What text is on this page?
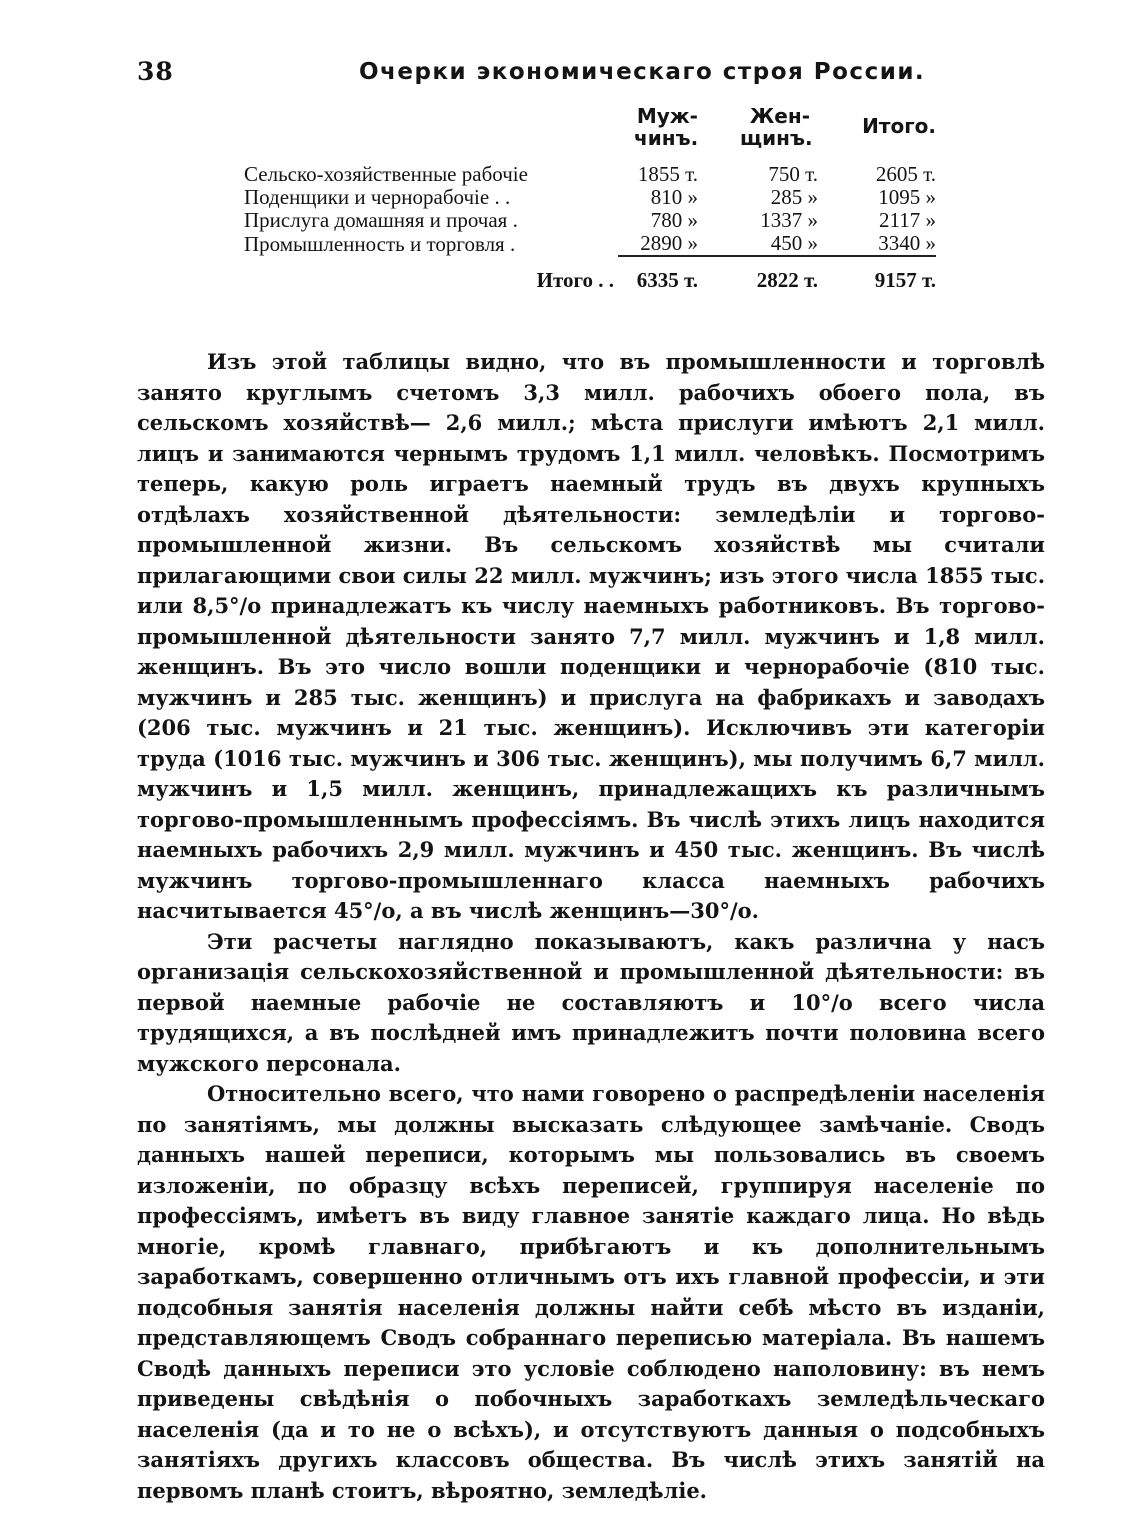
38	Очерки экономическаго строя России.

	Муж- чинъ.	Жен- щинъ.	Итого.

Сельско-хозяйственные рабочіе	1855 т.	750 т.	2605 т.
Поденщики и чернорабочіе . .	810 »	285 »	1095 »
Прислуга домашняя и прочая .	780 »	1337 »	2117 »
Промышленность и торговля .	2890 »	450 »	3340 »

Итого . .	6335 т.	2822 т.	9157 т.

Изъ этой таблицы видно, что въ промышленности и торговлѣ занято круглымъ счетомъ 3,3 милл. рабочихъ обоего пола, въ сельскомъ хозяйствѣ— 2,6 милл.; мѣста прислуги имѣютъ 2,1 милл. лицъ и занимаются чернымъ трудомъ 1,1 милл. человѣкъ. Посмотримъ теперь, какую роль играетъ наемный трудъ въ двухъ крупныхъ отдѣлахъ хозяйственной дѣятельности: земледѣліи и торгово-промышленной жизни. Въ сельскомъ хозяйствѣ мы считали прилагающими свои силы 22 милл. мужчинъ; изъ этого числа 1855 тыс. или 8,5°/о принадлежатъ къ числу наемныхъ работниковъ. Въ торгово-промышленной дѣятельности занято 7,7 милл. мужчинъ и 1,8 милл. женщинъ. Въ это число вошли поденщики и чернорабочіе (810 тыс. мужчинъ и 285 тыс. женщинъ) и прислуга на фабрикахъ и заводахъ (206 тыс. мужчинъ и 21 тыс. женщинъ). Исключивъ эти категоріи труда (1016 тыс. мужчинъ и 306 тыс. женщинъ), мы получимъ 6,7 милл. мужчинъ и 1,5 милл. женщинъ, принадлежащихъ къ различнымъ торгово-промышленнымъ профессіямъ. Въ числѣ этихъ лицъ находится наемныхъ рабочихъ 2,9 милл. мужчинъ и 450 тыс. женщинъ. Въ числѣ мужчинъ торгово-промышленнаго класса наемныхъ рабочихъ насчитывается 45°/о, а въ числѣ женщинъ—30°/о.

Эти расчеты наглядно показываютъ, какъ различна у насъ организація сельскохозяйственной и промышленной дѣятельности: въ первой наемные рабочіе не составляютъ и 10°/о всего числа трудящихся, а въ послѣдней имъ принадлежитъ почти половина всего мужского персонала.

Относительно всего, что нами говорено о распредѣленіи населенія по занятіямъ, мы должны высказать слѣдующее замѣчаніе. Сводъ данныхъ нашей переписи, которымъ мы пользовались въ своемъ изложеніи, по образцу всѣхъ переписей, группируя населеніе по профессіямъ, имѣетъ въ виду главное занятіе каждаго лица. Но вѣдь многіе, кромѣ главнаго, прибѣгаютъ и къ дополнительнымъ заработкамъ, совершенно отличнымъ отъ ихъ главной профессіи, и эти подсобныя занятія населенія должны найти себѣ мѣсто въ изданіи, представляющемъ Сводъ собраннаго переписью матеріала. Въ нашемъ Сводѣ данныхъ переписи это условіе соблюдено наполовину: въ немъ приведены свѣдѣнія о побочныхъ заработкахъ земледѣльческаго населенія (да и то не о всѣхъ), и отсутствуютъ данныя о подсобныхъ занятіяхъ другихъ классовъ общества. Въ числѣ этихъ занятій на первомъ планѣ стоитъ, вѣроятно, земледѣліе.
